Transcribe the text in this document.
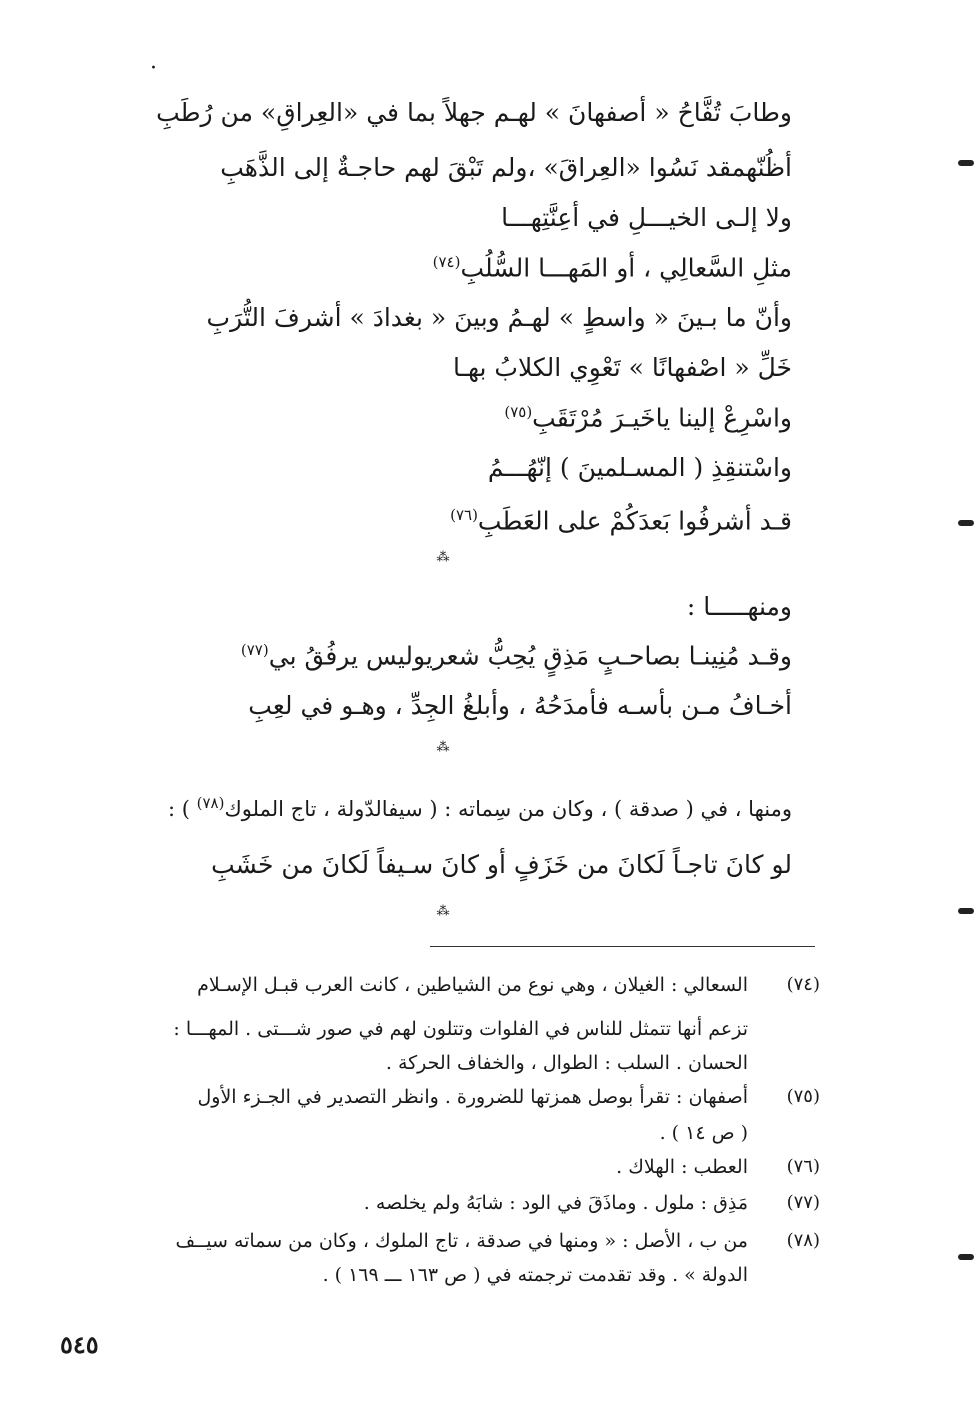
·
وطابَ تُفَّاحُ « أصفهانَ » لهـم جهلاً بما في «العِراقِ» من رُطَبِ
أظُنّهمقد نَسُوا «العِراقَ» ،ولم تَبْقَ لهم حاجـةٌ إلى الذَّهَبِ
ولا إلـى الخيـــلِ في أعِنَّتِهـــا
مثلِ السَّعالِي ، أو المَهـــا السُّلُبِ$^{(٧٤)}$
وأنّ ما بـينَ « واسطٍ » لهـمُ وبينَ « بغدادَ » أشرفَ التُّرَبِ
خَلِّ « اصْفهانًا » تَعْوِي الكلابُ بهـا
واسْرِعْ إلينا ياخَيـرَ مُرْتَقَبِ$^{(٧٥)}$
واسْتنقِذِ ( المسـلمينَ ) إنّهُـــمُ
قـد أشرفُوا بَعدَكُمْ على العَطَبِ$^{(٧٦)}$
⁂
ومنهـــــا :
وقـد مُنِينـا بصاحـبٍ مَذِقٍ يُحِبُّ شعريوليس يرفُقُ بي$^{(٧٧)}$
أخـافُ مـن بأسـه فأمدَحُهُ ، وأبلغُ الجِدِّ ، وهـو في لعِبِ
⁂
ومنها ، في ( صدقة ) ، وكان من سِماته : ( سيفالدّولة ، تاج الملوك$^{(٧٨)}$ ) :
لو كانَ تاجـاً لَكانَ من خَزَفٍ أو كانَ سـيفاً لَكانَ من خَشَبِ
⁂
(٧٤)
السعالي : الغيلان ، وهي نوع من الشياطين ، كانت العرب قبـل الإسـلام
تزعم أنها تتمثل للناس في الفلوات وتتلون لهم في صور شـــتى . المهـــا :
الحسان . السلب : الطوال ، والخفاف الحركة .
(٧٥)
أصفهان : تقرأ بوصل همزتها للضرورة . وانظر التصدير في الجـزء الأول
( ص ١٤ ) .
(٧٦)
العطب : الهلاك .
(٧٧)
مَذِق : ملول . وماذَقَ في الود : شابَهُ ولم يخلصه .
(٧٨)
من ب ، الأصل : « ومنها في صدقة ، تاج الملوك ، وكان من سماته سيــف
الدولة » . وقد تقدمت ترجمته في ( ص ١٦٣ ـــ ١٦٩ ) .
٥٤٥
